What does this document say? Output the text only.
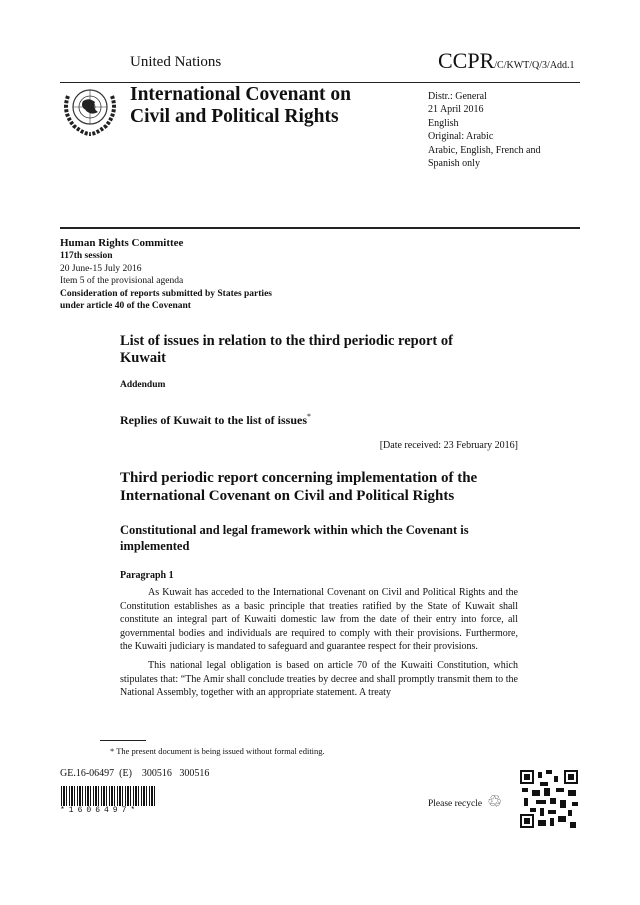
United Nations	CCPR/C/KWT/Q/3/Add.1
International Covenant on
Civil and Political Rights
Distr.: General
21 April 2016
English
Original: Arabic
Arabic, English, French and
Spanish only
Human Rights Committee
117th session
20 June-15 July 2016
Item 5 of the provisional agenda
Consideration of reports submitted by States parties
under article 40 of the Covenant
List of issues in relation to the third periodic report of
Kuwait
Addendum
Replies of Kuwait to the list of issues*
[Date received: 23 February 2016]
Third periodic report concerning implementation of the
International Covenant on Civil and Political Rights
Constitutional and legal framework within which the Covenant is
implemented
Paragraph 1
As Kuwait has acceded to the International Covenant on Civil and Political Rights and the Constitution establishes as a basic principle that treaties ratified by the State of Kuwait shall constitute an integral part of Kuwaiti domestic law from the date of their entry into force, all governmental bodies and individuals are required to comply with their provisions. Furthermore, the Kuwaiti judiciary is mandated to safeguard and guarantee respect for their provisions.
This national legal obligation is based on article 70 of the Kuwaiti Constitution, which stipulates that: “The Amir shall conclude treaties by decree and shall promptly transmit them to the National Assembly, together with an appropriate statement. A treaty
* The present document is being issued without formal editing.
GE.16-06497  (E)    300516   300516
*1606497*
Please recycle ♲
